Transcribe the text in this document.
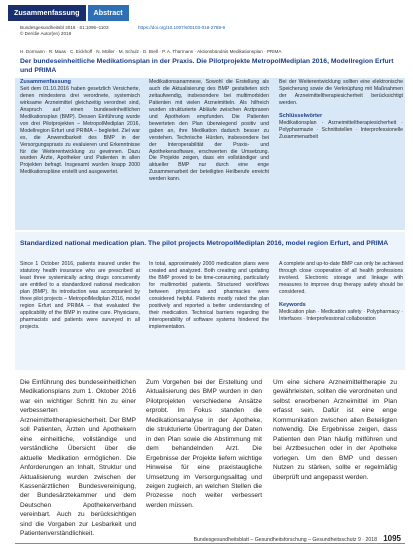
Zusammenfassung	Abstract
Bundesgesundheitsbl 2018 · 61:1095–1103	https://doi.org/10.1007/s00103-018-2789-9
© Der/die Autor(en) 2018
H. Dormann · R. Maas · C. Eickhoff · N. Müller · M. Schulz · D. Brell · P. A. Thürmann · Aktionsbündnis Medikationsplan · PRIMA
Der bundeseinheitliche Medikationsplan in der Praxis. Die Pilotprojekte MetropolMediplan 2016, Modellregion Erfurt und PRIMA
Zusammenfassung

Seit dem 01.10.2016 haben gesetzlich Versicherte, denen mindestens drei verordnete, systemisch wirksame Arzneimittel gleichzeitig verordnet sind, Anspruch auf einen bundeseinheitlichen Medikationsplan (BMP). Dessen Einführung wurde von drei Pilotprojekten – MetropolMediplan 2016, Modellregion Erfurt und PRIMA – begleitet. Ziel war es, die Anwendbarkeit des BMP in der Versorgungspraxis zu evaluieren und Erkenntnisse für die Weiterentwicklung zu gewinnen. Dazu wurden Ärzte, Apotheker und Patienten in allen Projekten befragt. Insgesamt wurden knapp 2000 Medikationspläne erstellt und ausgewertet.

Medikationsanamnese, Sowohl die Erstellung als auch die Aktualisierung des BMP gestalteten sich zeitaufwendig, insbesondere bei multimorbiden Patienten mit vielen Arzneimitteln. Als hilfreich wurden strukturierte Abläufe zwischen Arztpraxen und Apotheken empfunden. Die Patienten bewerteten den Plan überwiegend positiv und gaben an, ihre Medikation dadurch besser zu verstehen. Technische Hürden, insbesondere bei der Interoperabilität der Praxis- und Apothekensoftware, erschwerten die Umsetzung. Die Projekte zeigen, dass ein vollständiger und aktueller BMP nur durch eine enge Zusammenarbeit der beteiligten Heilberufe erreicht werden kann.

Bei der Weiterentwicklung sollten eine elektronische Speicherung sowie die Verknüpfung mit Maßnahmen der Arzneimitteltherapiesicherheit berücksichtigt werden.

Schlüsselwörter

Medikationsplan · Arzneimitteltherapiesicherheit · Polypharmazie · Schnittstellen · Interprofessionelle Zusammenarbeit

Standardized national medication plan. The pilot projects MetropolMediplan 2016, model region Erfurt, and PRIMA

Since 1 October 2016, patients insured under the statutory health insurance who are prescribed at least three systemically acting drugs concurrently are entitled to a standardized national medication plan (BMP). Its introduction was accompanied by three pilot projects – MetropolMediplan 2016, model region Erfurt and PRIMA – that evaluated the applicability of the BMP in routine care. Physicians, pharmacists and patients were surveyed in all projects.

In total, approximately 2000 medication plans were created and analyzed. Both creating and updating the BMP proved to be time-consuming, particularly for multimorbid patients. Structured workflows between physicians and pharmacies were considered helpful. Patients mostly rated the plan positively and reported a better understanding of their medication. Technical barriers regarding the interoperability of software systems hindered the implementation.

A complete and up-to-date BMP can only be achieved through close cooperation of all health professions involved. Electronic storage and linkage with measures to improve drug therapy safety should be considered.

Keywords

Medication plan · Medication safety · Polypharmacy · Interfaces · Interprofessional collaboration

Die Einführung des bundeseinheitlichen Medikationsplans zum 1. Oktober 2016 war ein wichtiger Schritt hin zu einer verbesserten Arzneimitteltherapiesicherheit. Der BMP soll Patienten, Ärzten und Apothekern eine einheitliche, vollständige und verständliche Übersicht über die aktuelle Medikation ermöglichen. Die Anforderungen an Inhalt, Struktur und Aktualisierung wurden zwischen der Kassenärztlichen Bundesvereinigung, der Bundesärztekammer und dem Deutschen Apothekerverband vereinbart. Auch zu berücksichtigen sind die Vorgaben zur Lesbarkeit und Patientenverständlichkeit.

Zum Vorgehen bei der Erstellung und Aktualisierung des BMP wurden in den Pilotprojekten verschiedene Ansätze erprobt. Im Fokus standen die Medikationsanalyse in der Apotheke, die strukturierte Übertragung der Daten in den Plan sowie die Abstimmung mit dem behandelnden Arzt. Die Ergebnisse der Projekte liefern wichtige Hinweise für eine praxistaugliche Umsetzung im Versorgungsalltag und zeigen zugleich, an welchen Stellen die Prozesse noch weiter verbessert werden müssen.

Um eine sichere Arzneimitteltherapie zu gewährleisten, sollten die verordneten und selbst erworbenen Arzneimittel im Plan erfasst sein. Dafür ist eine enge Kommunikation zwischen allen Beteiligten notwendig. Die Ergebnisse zeigen, dass Patienten den Plan häufig mitführen und bei Arztbesuchen oder in der Apotheke vorlegen. Um den BMP und dessen Nutzen zu stärken, sollte er regelmäßig überprüft und angepasst werden.

Bundesgesundheitsblatt – Gesundheitsforschung – Gesundheitsschutz 9 · 2018 1095
